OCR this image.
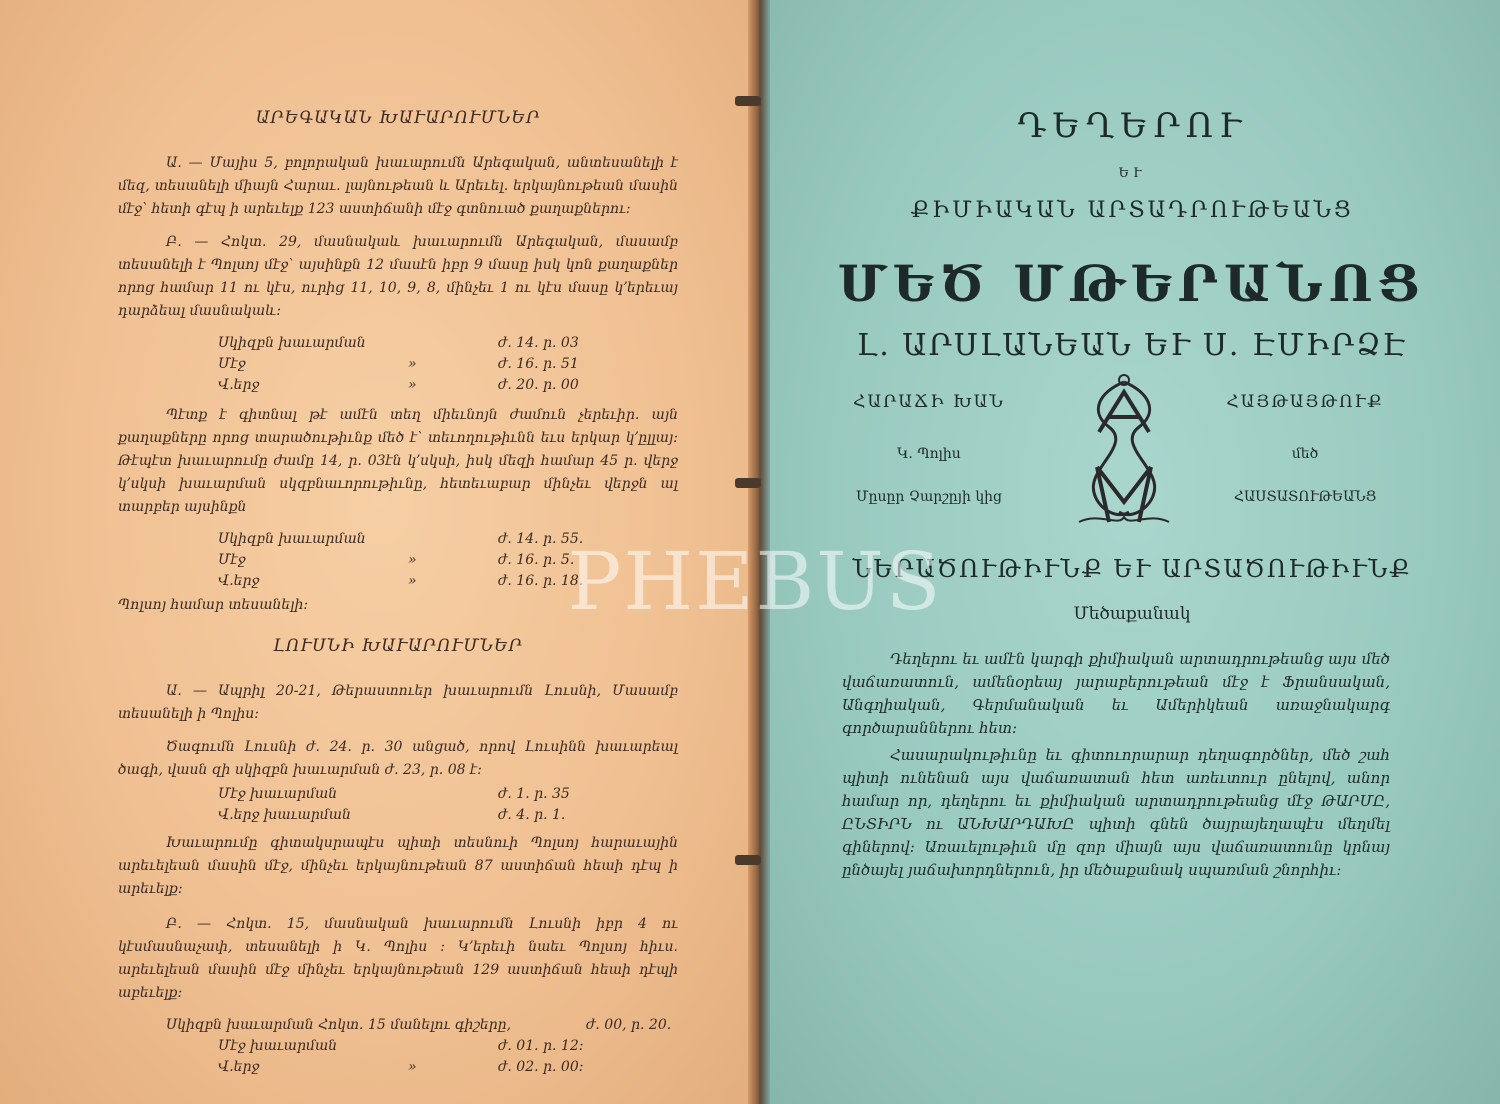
ԱՐԵԳԱԿԱՆ ԽԱՒԱՐՈՒՄՆԵՐ

Ա. — Մայիս 5, բոլորական խաւարումն Արեգական, անտեսանելի է մեզ, տեսանելի միայն Հարաւ. լայնութեան և Արեւել. երկայնութեան մասին մէջ՝ հետի գէպ ի արեւելք 123 աստիճանի մէջ գտնուած քաղաքներու։

Բ. — Հոկտ. 29, մասնակաև խաւարումն Արեգական, մասամբ տեսանելի է Պոլսոյ մէջ՝ այսինքն 12 մասէն իբր 9 մասը իսկ կոն քաղաքներ որոց համար 11 ու կէս, ուրից 11, 10, 9, 8, մինչեւ 1 ու կէս մասը կ՚երեւայ դարձեալ մասնակաև։

Սկիզբն խաւարման	ժ. 14. ր. 03
Մէջ	»	ժ. 16. ր. 51
Վ.երջ	»	ժ. 20. ր. 00

Պէտք է գիտնալ թէ ամէն տեղ միեւնոյն ժամուն չերեւիր. այն քաղաքները որոց տարածութիւնք մեծ է՝ տեւողութիւնն եւս երկար կ՚ըլլայ։ Թէպէտ խաւարումը ժամը 14, ր. 03էն կ՚սկսի, իսկ մեզի համար 45 ր. վերջ կ՚սկսի խաւարման սկզբնաւորութիւնը, հետեւաբար մինչեւ վերջն ալ տարբեր այսինքն

Սկիզբն խաւարման	ժ. 14. ր. 55.
Մէջ	»	ժ. 16. ր. 5.
Վ.երջ	»	ժ. 16. ր. 18.

Պոլսոյ համար տեսանելի։

ԼՈՒՍՆԻ ԽԱՒԱՐՈՒՄՆԵՐ

Ա. — Ապրիլ 20-21, Թերաստուեր խաւարումն Լուսնի, Մասամբ տեսանելի ի Պոլիս։

Ծագումն Լուսնի ժ. 24. ր. 30 անցած, որով Լուսինն խաւարեալ ծագի, վասն զի սկիզբն խաւարման ժ. 23, ր. 08 է։

Մէջ խաւարման	ժ. 1. ր. 35
Վ.երջ խաւարման	ժ. 4. ր. 1.

Խաւարումը գիտակսրապէս պիտի տեսնուի Պոլսոյ հարաւային արեւելեան մասին մէջ, մինչեւ երկայնութեան 87 աստիճան հեաի դէպ ի արեւելք։

Բ. — Հոկտ. 15, մասնական խաւարումն Լուսնի իբր 4 ու կէսմասնաչափ, տեսանելի ի Կ. Պոլիս ։ Կ՚երեւի նաեւ Պոլսոյ հիւս. արեւելեան մասին մէջ մինչեւ երկայնութեան 129 աստիճան հեաի դէպի աբեւելք։

Սկիզբն խաւարման Հոկտ. 15 մանելու գիշերը,	ժ. 00, ր. 20.
Մէջ խաւարման	ժ. 01. ր. 12։
Վ.երջ	»	ժ. 02. ր. 00։
ԴԵՂԵՐՈՒ
ԵՒ
ՔԻՄԻԱԿԱՆ ԱՐՏԱԴՐՈՒԹԵԱՆՑ
ՄԵԾ ՄԹԵՐԱՆՈՑ
Լ. ԱՐՍԼԱՆԵԱՆ ԵՒ Ս. ԷՄԻՐՁԷ
ՀԱՐԱՃԻ ԽԱՆ
Կ. Պոլիս
Մըսըր Չարշըյի կից
ՀԱՅԹԱՅԹՈՒՔ
մեծ
ՀԱՍՏԱՏՈՒԹԵԱՆՑ
ՆԵՐԱԾՈՒԹԻՒՆՔ ԵՒ ԱՐՏԱԾՈՒԹԻՒՆՔ
Մեծաքանակ

Դեղերու եւ ամէն կարգի քիմիական արտադրութեանց այս մեծ վաճառատուն, ամենօրեայ յարաբերութեան մէջ է Ֆրանսական, Անգղիական, Գերմանական եւ Ամերիկեան առաջնակարգ գործարաններու հետ։

Հասարակութիւնը եւ գիտուորարար դեղագործներ, մեծ շահ պիտի ունենան այս վաճառատան հետ առեւտուր ընելով, անոր համար որ, դեղերու եւ քիմիական արտադրութեանց մէջ ԹԱՐՄԸ, ԸՆՏԻՐՆ ու ԱՆԽԱՐԴԱԽԸ պիտի գնեն ծայրայեղապէս մեղմել գիներով։ Առաւելութիւն մը զոր միայն այս վաճառատունը կրնայ ընծայել յաճախորդներուն, իր մեծաքանակ սպառման շնորհիւ։

PHEBUS
